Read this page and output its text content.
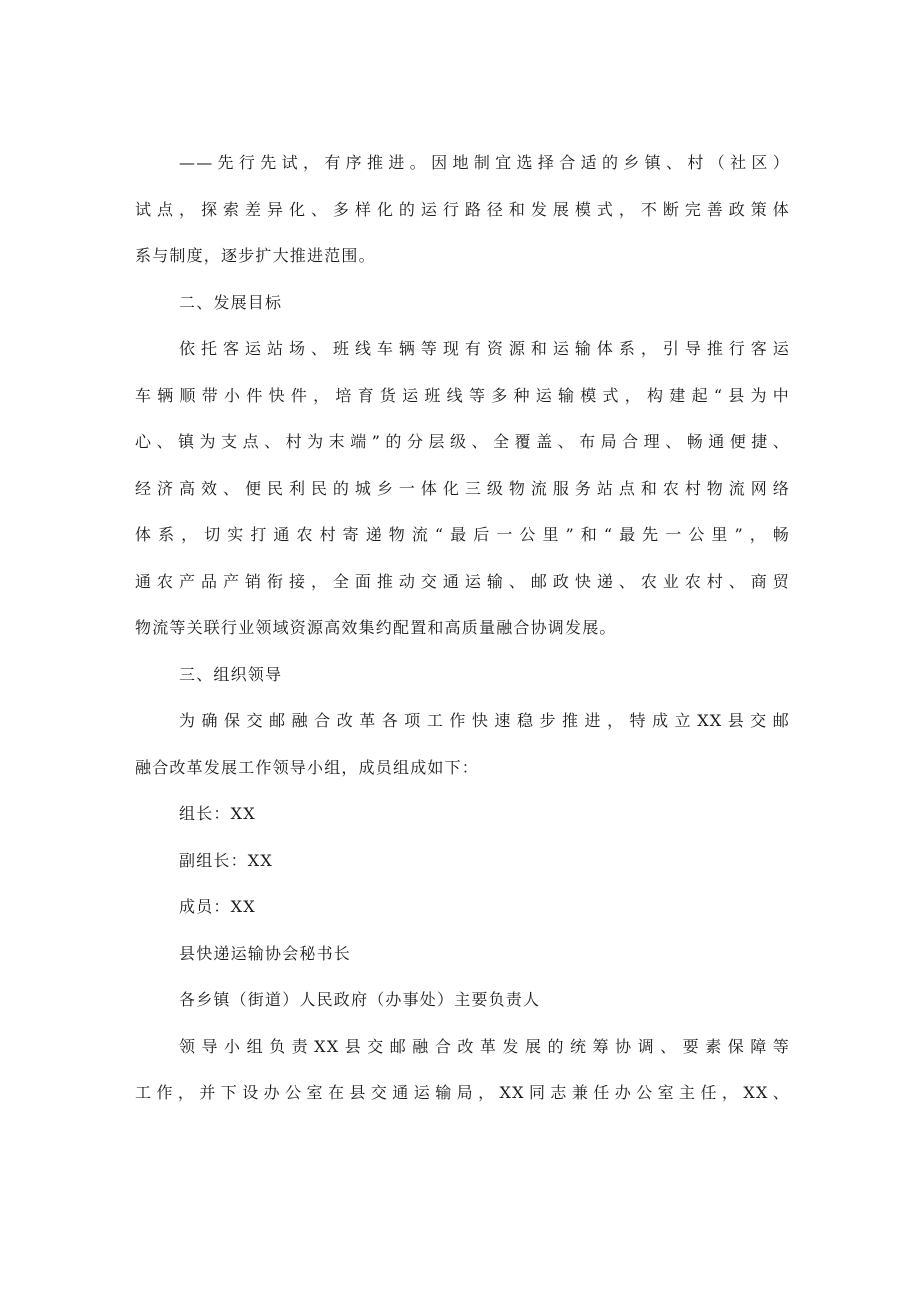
——先行先试，有序推进。因地制宜选择合适的乡镇、村（社区）
试点，探索差异化、多样化的运行路径和发展模式，不断完善政策体
系与制度，逐步扩大推进范围。
二、发展目标
依托客运站场、班线车辆等现有资源和运输体系，引导推行客运
车辆顺带小件快件，培育货运班线等多种运输模式，构建起“县为中
心、镇为支点、村为末端”的分层级、全覆盖、布局合理、畅通便捷、
经济高效、便民利民的城乡一体化三级物流服务站点和农村物流网络
体系，切实打通农村寄递物流“最后一公里”和“最先一公里”，畅
通农产品产销衔接，全面推动交通运输、邮政快递、农业农村、商贸
物流等关联行业领域资源高效集约配置和高质量融合协调发展。
三、组织领导
为确保交邮融合改革各项工作快速稳步推进，特成立XX县交邮
融合改革发展工作领导小组，成员组成如下：
组长：XX
副组长：XX
成员：XX
县快递运输协会秘书长
各乡镇（街道）人民政府（办事处）主要负责人
领导小组负责XX县交邮融合改革发展的统筹协调、要素保障等
工作，并下设办公室在县交通运输局，XX同志兼任办公室主任，XX、
